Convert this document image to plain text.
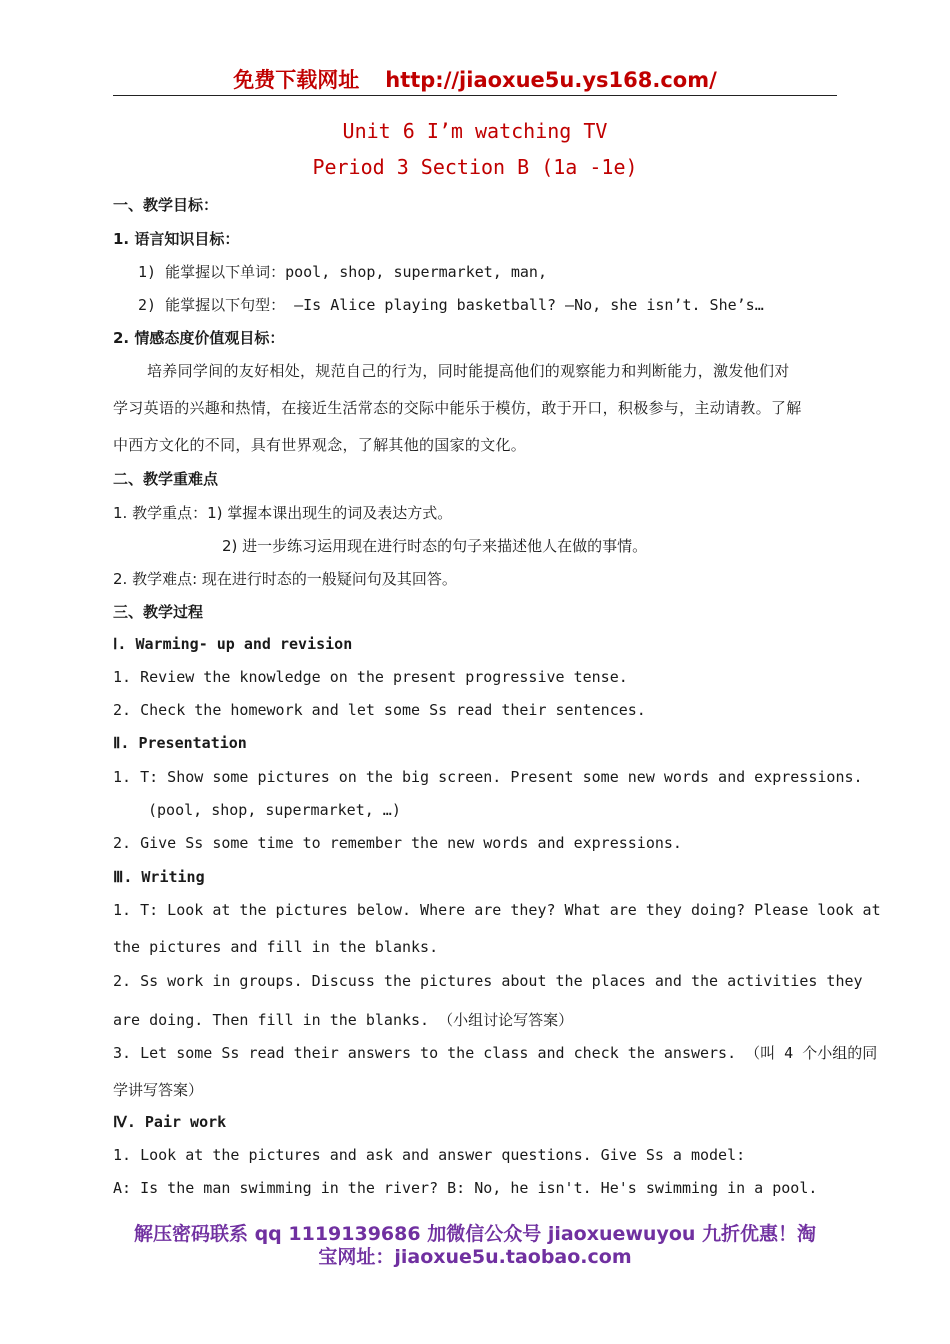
免费下载网址 http://jiaoxue5u.ys168.com/
Unit 6 I’m watching TV
Period 3 Section B (1a -1e)
一、教学目标：
1. 语言知识目标：
1) 能掌握以下单词：pool, shop, supermarket, man,
2) 能掌握以下句型： —Is Alice playing basketball? —No, she isn’t. She’s…
2. 情感态度价值观目标：
培养同学间的友好相处，规范自己的行为，同时能提高他们的观察能力和判断能力，激发他们对
学习英语的兴趣和热情，在接近生活常态的交际中能乐于模仿，敢于开口，积极参与，主动请教。了解
中西方文化的不同，具有世界观念，了解其他的国家的文化。
二、教学重难点
1. 教学重点：1) 掌握本课出现生的词及表达方式。
2) 进一步练习运用现在进行时态的句子来描述他人在做的事情。
2. 教学难点: 现在进行时态的一般疑问句及其回答。
三、教学过程
Ⅰ. Warming- up and revision
1. Review the knowledge on the present progressive tense.
2. Check the homework and let some Ss read their sentences.
Ⅱ. Presentation
1. T: Show some pictures on the big screen. Present some new words and expressions.
(pool, shop, supermarket, …)
2. Give Ss some time to remember the new words and expressions.
Ⅲ. Writing
1. T: Look at the pictures below. Where are they? What are they doing? Please look at
the pictures and fill in the blanks.
2. Ss work in groups. Discuss the pictures about the places and the activities they
are doing. Then fill in the blanks. （小组讨论写答案）
3. Let some Ss read their answers to the class and check the answers. （叫 4 个小组的同
学讲写答案）
Ⅳ. Pair work
1. Look at the pictures and ask and answer questions. Give Ss a model:
A: Is the man swimming in the river? B: No, he isn't. He's swimming in a pool.
解压密码联系 qq 1119139686 加微信公众号 jiaoxuewuyou 九折优惠！淘
宝网址：jiaoxue5u.taobao.com
